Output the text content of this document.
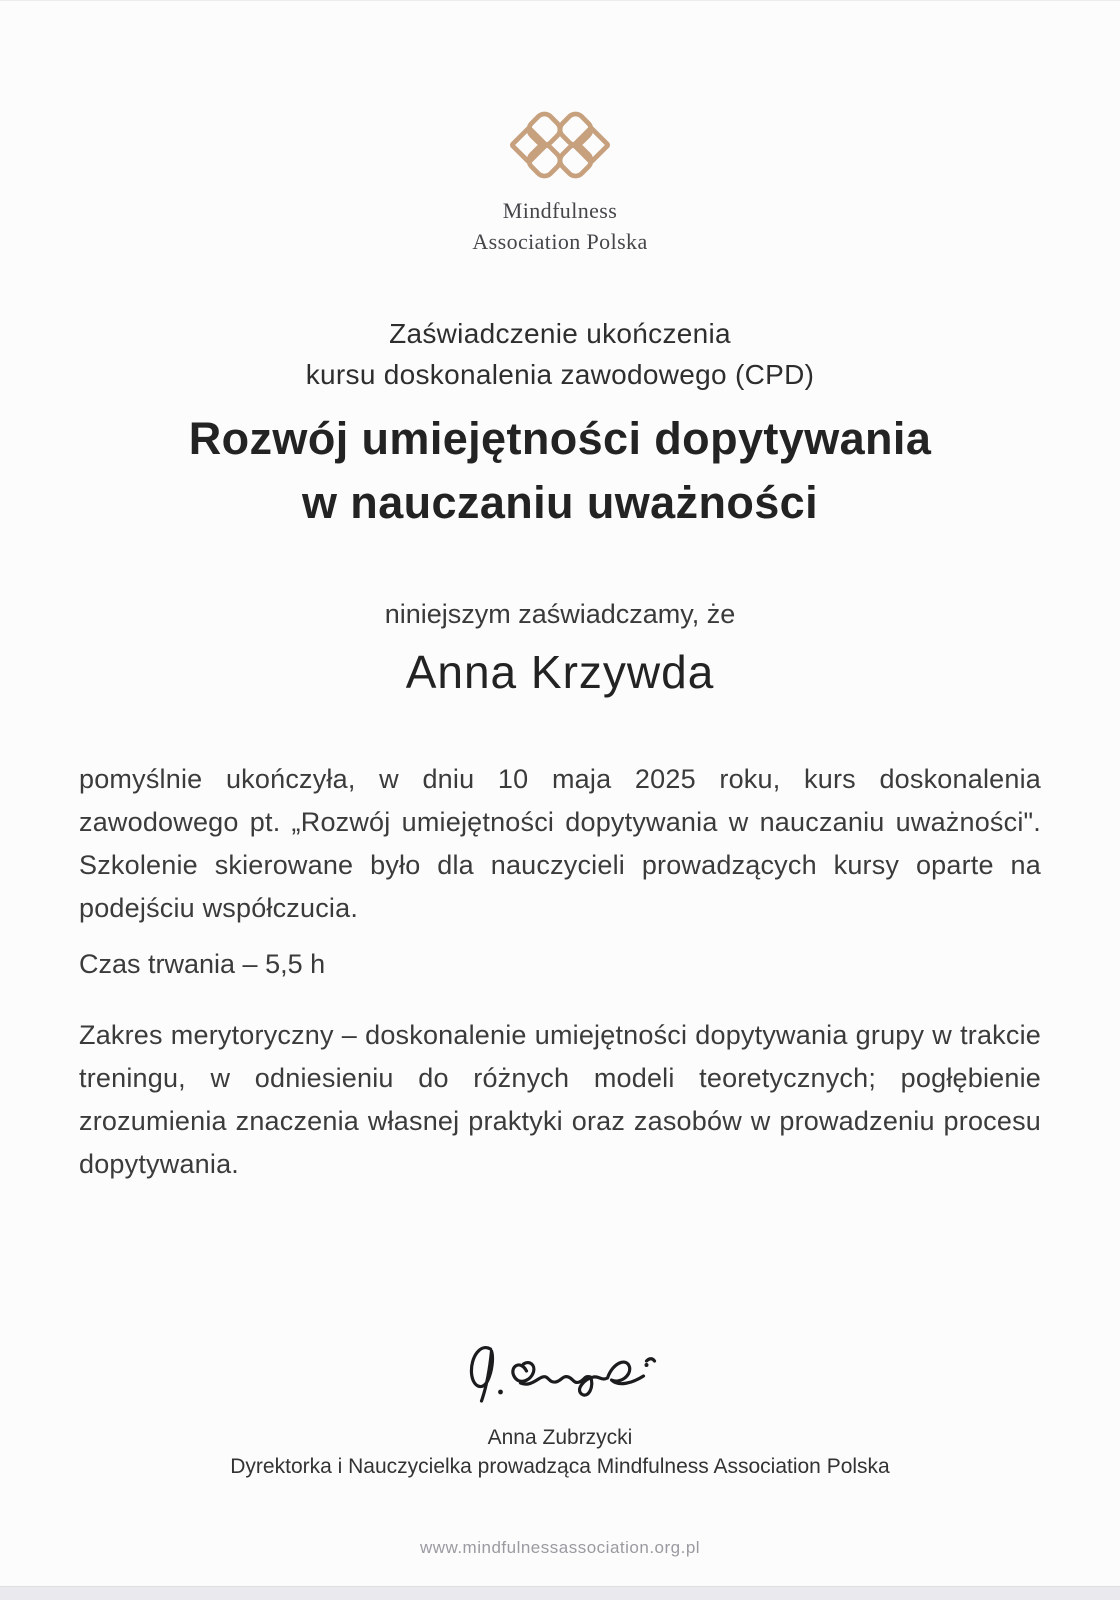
Mindfulness
Association Polska
Zaświadczenie ukończenia
kursu doskonalenia zawodowego (CPD)
Rozwój umiejętności dopytywania
w nauczaniu uważności
niniejszym zaświadczamy, że
Anna Krzywda

pomyślnie ukończyła, w dniu 10 maja 2025 roku, kurs doskonalenia zawodowego pt. „Rozwój umiejętności dopytywania w nauczaniu uważności". Szkolenie skierowane było dla nauczycieli prowadzących kursy oparte na podejściu współczucia.

Czas trwania – 5,5 h

Zakres merytoryczny – doskonalenie umiejętności dopytywania grupy w trakcie treningu, w odniesieniu do różnych modeli teoretycznych; pogłębienie zrozumienia znaczenia własnej praktyki oraz zasobów w prowadzeniu procesu dopytywania.

Anna Zubrzycki
Dyrektorka i Nauczycielka prowadząca Mindfulness Association Polska
www.mindfulnessassociation.org.pl
